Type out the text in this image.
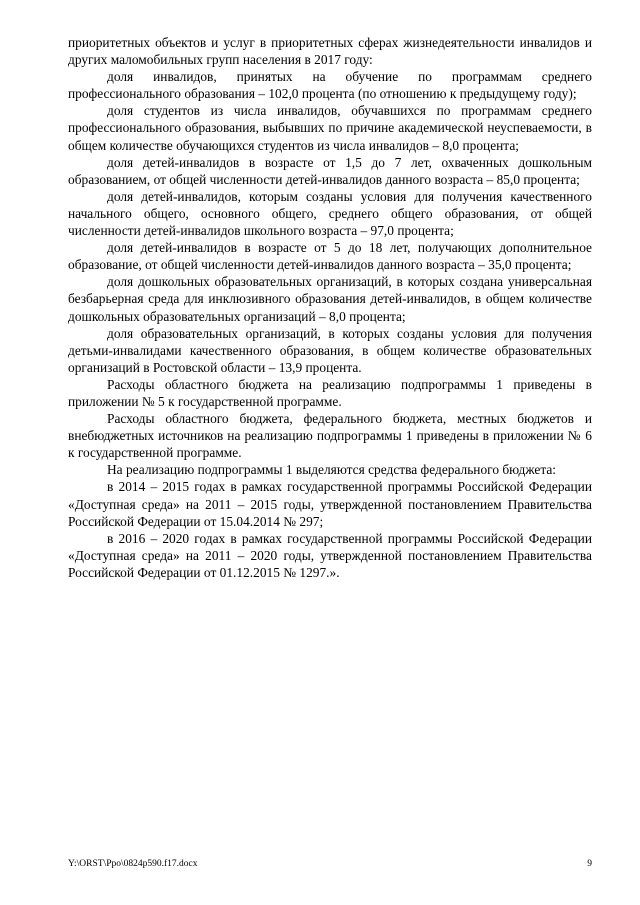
приоритетных объектов и услуг в приоритетных сферах жизнедеятельности инвалидов и других маломобильных групп населения в 2017 году:

доля инвалидов, принятых на обучение по программам среднего профессионального образования – 102,0 процента (по отношению к предыдущему году);

доля студентов из числа инвалидов, обучавшихся по программам среднего профессионального образования, выбывших по причине академической неуспеваемости, в общем количестве обучающихся студентов из числа инвалидов – 8,0 процента;

доля детей-инвалидов в возрасте от 1,5 до 7 лет, охваченных дошкольным образованием, от общей численности детей-инвалидов данного возраста – 85,0 процента;

доля детей-инвалидов, которым созданы условия для получения качественного начального общего, основного общего, среднего общего образования, от общей численности детей-инвалидов школьного возраста – 97,0 процента;

доля детей-инвалидов в возрасте от 5 до 18 лет, получающих дополнительное образование, от общей численности детей-инвалидов данного возраста – 35,0 процента;

доля дошкольных образовательных организаций, в которых создана универсальная безбарьерная среда для инклюзивного образования детей-инвалидов, в общем количестве дошкольных образовательных организаций – 8,0 процента;

доля образовательных организаций, в которых созданы условия для получения детьми-инвалидами качественного образования, в общем количестве образовательных организаций в Ростовской области – 13,9 процента.

Расходы областного бюджета на реализацию подпрограммы 1 приведены в приложении № 5 к государственной программе.

Расходы областного бюджета, федерального бюджета, местных бюджетов и внебюджетных источников на реализацию подпрограммы 1 приведены в приложении № 6 к государственной программе.

На реализацию подпрограммы 1 выделяются средства федерального бюджета:

в 2014 – 2015 годах в рамках государственной программы Российской Федерации «Доступная среда» на 2011 – 2015 годы, утвержденной постановлением Правительства Российской Федерации от 15.04.2014 № 297;

в 2016 – 2020 годах в рамках государственной программы Российской Федерации «Доступная среда» на 2011 – 2020 годы, утвержденной постановлением Правительства Российской Федерации от 01.12.2015 № 1297.».

Y:\ORST\Ppo\0824p590.f17.docx	9
